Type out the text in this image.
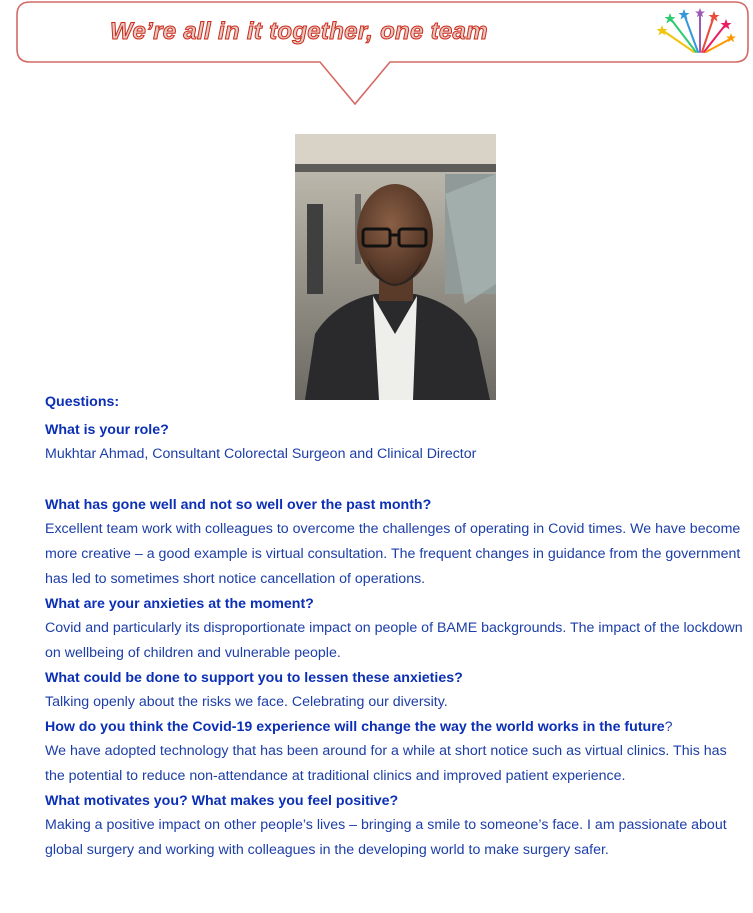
We’re all in it together, one team
Questions:
What is your role?
Mukhtar Ahmad, Consultant Colorectal Surgeon and Clinical Director
What has gone well and not so well over the past month?
Excellent team work with colleagues to overcome the challenges of operating in Covid times. We have become
more creative – a good example is virtual consultation. The frequent changes in guidance from the government
has led to sometimes short notice cancellation of operations.
What are your anxieties at the moment?
Covid and particularly its disproportionate impact on people of BAME backgrounds. The impact of the lockdown
on wellbeing of children and vulnerable people.
What could be done to support you to lessen these anxieties?
Talking openly about the risks we face. Celebrating our diversity.
How do you think the Covid-19 experience will change the way the world works in the future?
We have adopted technology that has been around for a while at short notice such as virtual clinics. This has
the potential to reduce non-attendance at traditional clinics and improved patient experience.
What motivates you? What makes you feel positive?
Making a positive impact on other people’s lives – bringing a smile to someone’s face. I am passionate about
global surgery and working with colleagues in the developing world to make surgery safer.
